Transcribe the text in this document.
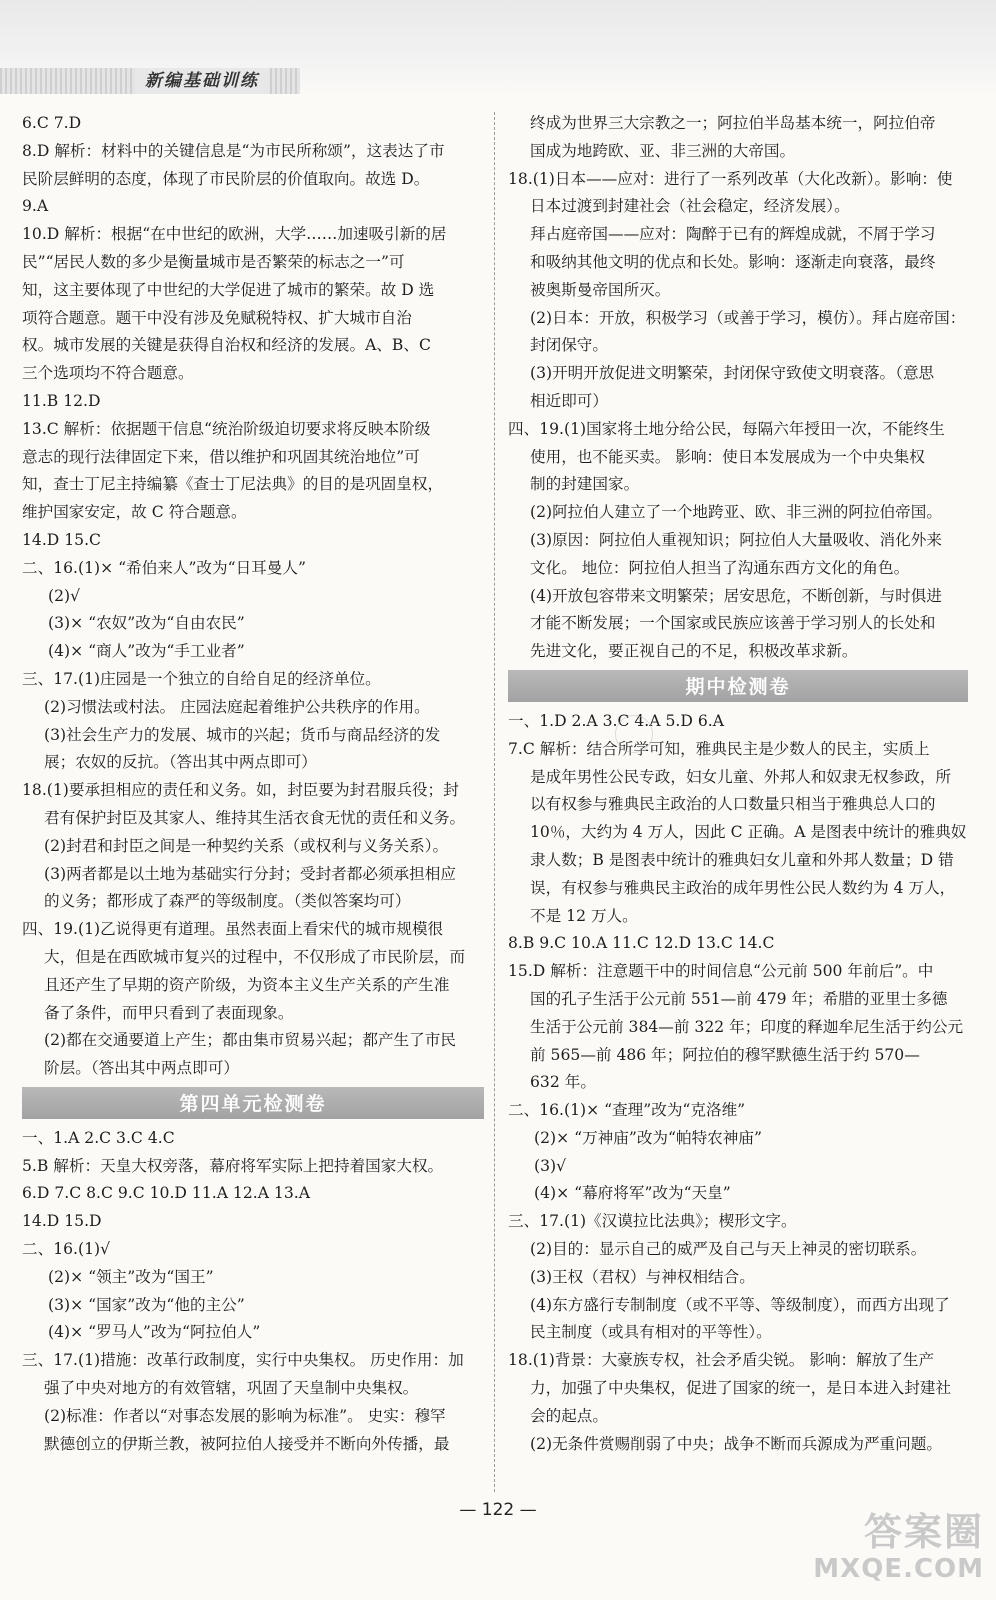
新编基础训练
6.C 7.D
8.D 解析：材料中的关键信息是“为市民所称颂”，这表达了市
民阶层鲜明的态度，体现了市民阶层的价值取向。故选 D。
9.A
10.D 解析：根据“在中世纪的欧洲，大学……加速吸引新的居
民”“居民人数的多少是衡量城市是否繁荣的标志之一”可
知，这主要体现了中世纪的大学促进了城市的繁荣。故 D 选
项符合题意。题干中没有涉及免赋税特权、扩大城市自治
权。城市发展的关键是获得自治权和经济的发展。A、B、C
三个选项均不符合题意。
11.B 12.D
13.C 解析：依据题干信息“统治阶级迫切要求将反映本阶级
意志的现行法律固定下来，借以维护和巩固其统治地位”可
知，查士丁尼主持编纂《查士丁尼法典》的目的是巩固皇权，
维护国家安定，故 C 符合题意。
14.D 15.C
二、16.(1)× “希伯来人”改为“日耳曼人”
(2)√
(3)× “农奴”改为“自由农民”
(4)× “商人”改为“手工业者”
三、17.(1)庄园是一个独立的自给自足的经济单位。
(2)习惯法或村法。 庄园法庭起着维护公共秩序的作用。
(3)社会生产力的发展、城市的兴起；货币与商品经济的发
展；农奴的反抗。（答出其中两点即可）
18.(1)要承担相应的责任和义务。如，封臣要为封君服兵役；封
君有保护封臣及其家人、维持其生活衣食无忧的责任和义务。
(2)封君和封臣之间是一种契约关系（或权利与义务关系）。
(3)两者都是以土地为基础实行分封；受封者都必须承担相应
的义务；都形成了森严的等级制度。（类似答案均可）
四、19.(1)乙说得更有道理。虽然表面上看宋代的城市规模很
大，但是在西欧城市复兴的过程中，不仅形成了市民阶层，而
且还产生了早期的资产阶级，为资本主义生产关系的产生准
备了条件，而甲只看到了表面现象。
(2)都在交通要道上产生；都由集市贸易兴起；都产生了市民
阶层。（答出其中两点即可）
第四单元检测卷
一、1.A 2.C 3.C 4.C
5.B 解析：天皇大权旁落，幕府将军实际上把持着国家大权。
6.D 7.C 8.C 9.C 10.D 11.A 12.A 13.A
14.D 15.D
二、16.(1)√
(2)× “领主”改为“国王”
(3)× “国家”改为“他的主公”
(4)× “罗马人”改为“阿拉伯人”
三、17.(1)措施：改革行政制度，实行中央集权。 历史作用：加
强了中央对地方的有效管辖，巩固了天皇制中央集权。
(2)标准：作者以“对事态发展的影响为标准”。 史实：穆罕
默德创立的伊斯兰教，被阿拉伯人接受并不断向外传播，最
终成为世界三大宗教之一；阿拉伯半岛基本统一，阿拉伯帝
国成为地跨欧、亚、非三洲的大帝国。
18.(1)日本——应对：进行了一系列改革（大化改新）。影响：使
日本过渡到封建社会（社会稳定，经济发展）。
拜占庭帝国——应对：陶醉于已有的辉煌成就，不屑于学习
和吸纳其他文明的优点和长处。影响：逐渐走向衰落，最终
被奥斯曼帝国所灭。
(2)日本：开放，积极学习（或善于学习，模仿）。拜占庭帝国：
封闭保守。
(3)开明开放促进文明繁荣，封闭保守致使文明衰落。（意思
相近即可）
四、19.(1)国家将土地分给公民，每隔六年授田一次，不能终生
使用，也不能买卖。 影响：使日本发展成为一个中央集权
制的封建国家。
(2)阿拉伯人建立了一个地跨亚、欧、非三洲的阿拉伯帝国。
(3)原因：阿拉伯人重视知识；阿拉伯人大量吸收、消化外来
文化。 地位：阿拉伯人担当了沟通东西方文化的角色。
(4)开放包容带来文明繁荣；居安思危，不断创新，与时俱进
才能不断发展；一个国家或民族应该善于学习别人的长处和
先进文化，要正视自己的不足，积极改革求新。
期中检测卷
一、1.D 2.A 3.C 4.A 5.D 6.A
7.C 解析：结合所学可知，雅典民主是少数人的民主，实质上
是成年男性公民专政，妇女儿童、外邦人和奴隶无权参政，所
以有权参与雅典民主政治的人口数量只相当于雅典总人口的
10％，大约为 4 万人，因此 C 正确。A 是图表中统计的雅典奴
隶人数；B 是图表中统计的雅典妇女儿童和外邦人数量；D 错
误，有权参与雅典民主政治的成年男性公民人数约为 4 万人，
不是 12 万人。
8.B 9.C 10.A 11.C 12.D 13.C 14.C
15.D 解析：注意题干中的时间信息“公元前 500 年前后”。中
国的孔子生活于公元前 551—前 479 年；希腊的亚里士多德
生活于公元前 384—前 322 年；印度的释迦牟尼生活于约公元
前 565—前 486 年；阿拉伯的穆罕默德生活于约 570—
632 年。
二、16.(1)× “查理”改为“克洛维”
(2)× “万神庙”改为“帕特农神庙”
(3)√
(4)× “幕府将军”改为“天皇”
三、17.(1)《汉谟拉比法典》；楔形文字。
(2)目的：显示自己的威严及自己与天上神灵的密切联系。
(3)王权（君权）与神权相结合。
(4)东方盛行专制制度（或不平等、等级制度），而西方出现了
民主制度（或具有相对的平等性）。
18.(1)背景：大豪族专权，社会矛盾尖锐。 影响：解放了生产
力，加强了中央集权，促进了国家的统一，是日本进入封建社
会的起点。
(2)无条件赏赐削弱了中央；战争不断而兵源成为严重问题。
— 122 —	答案圈
MXQE.COM
